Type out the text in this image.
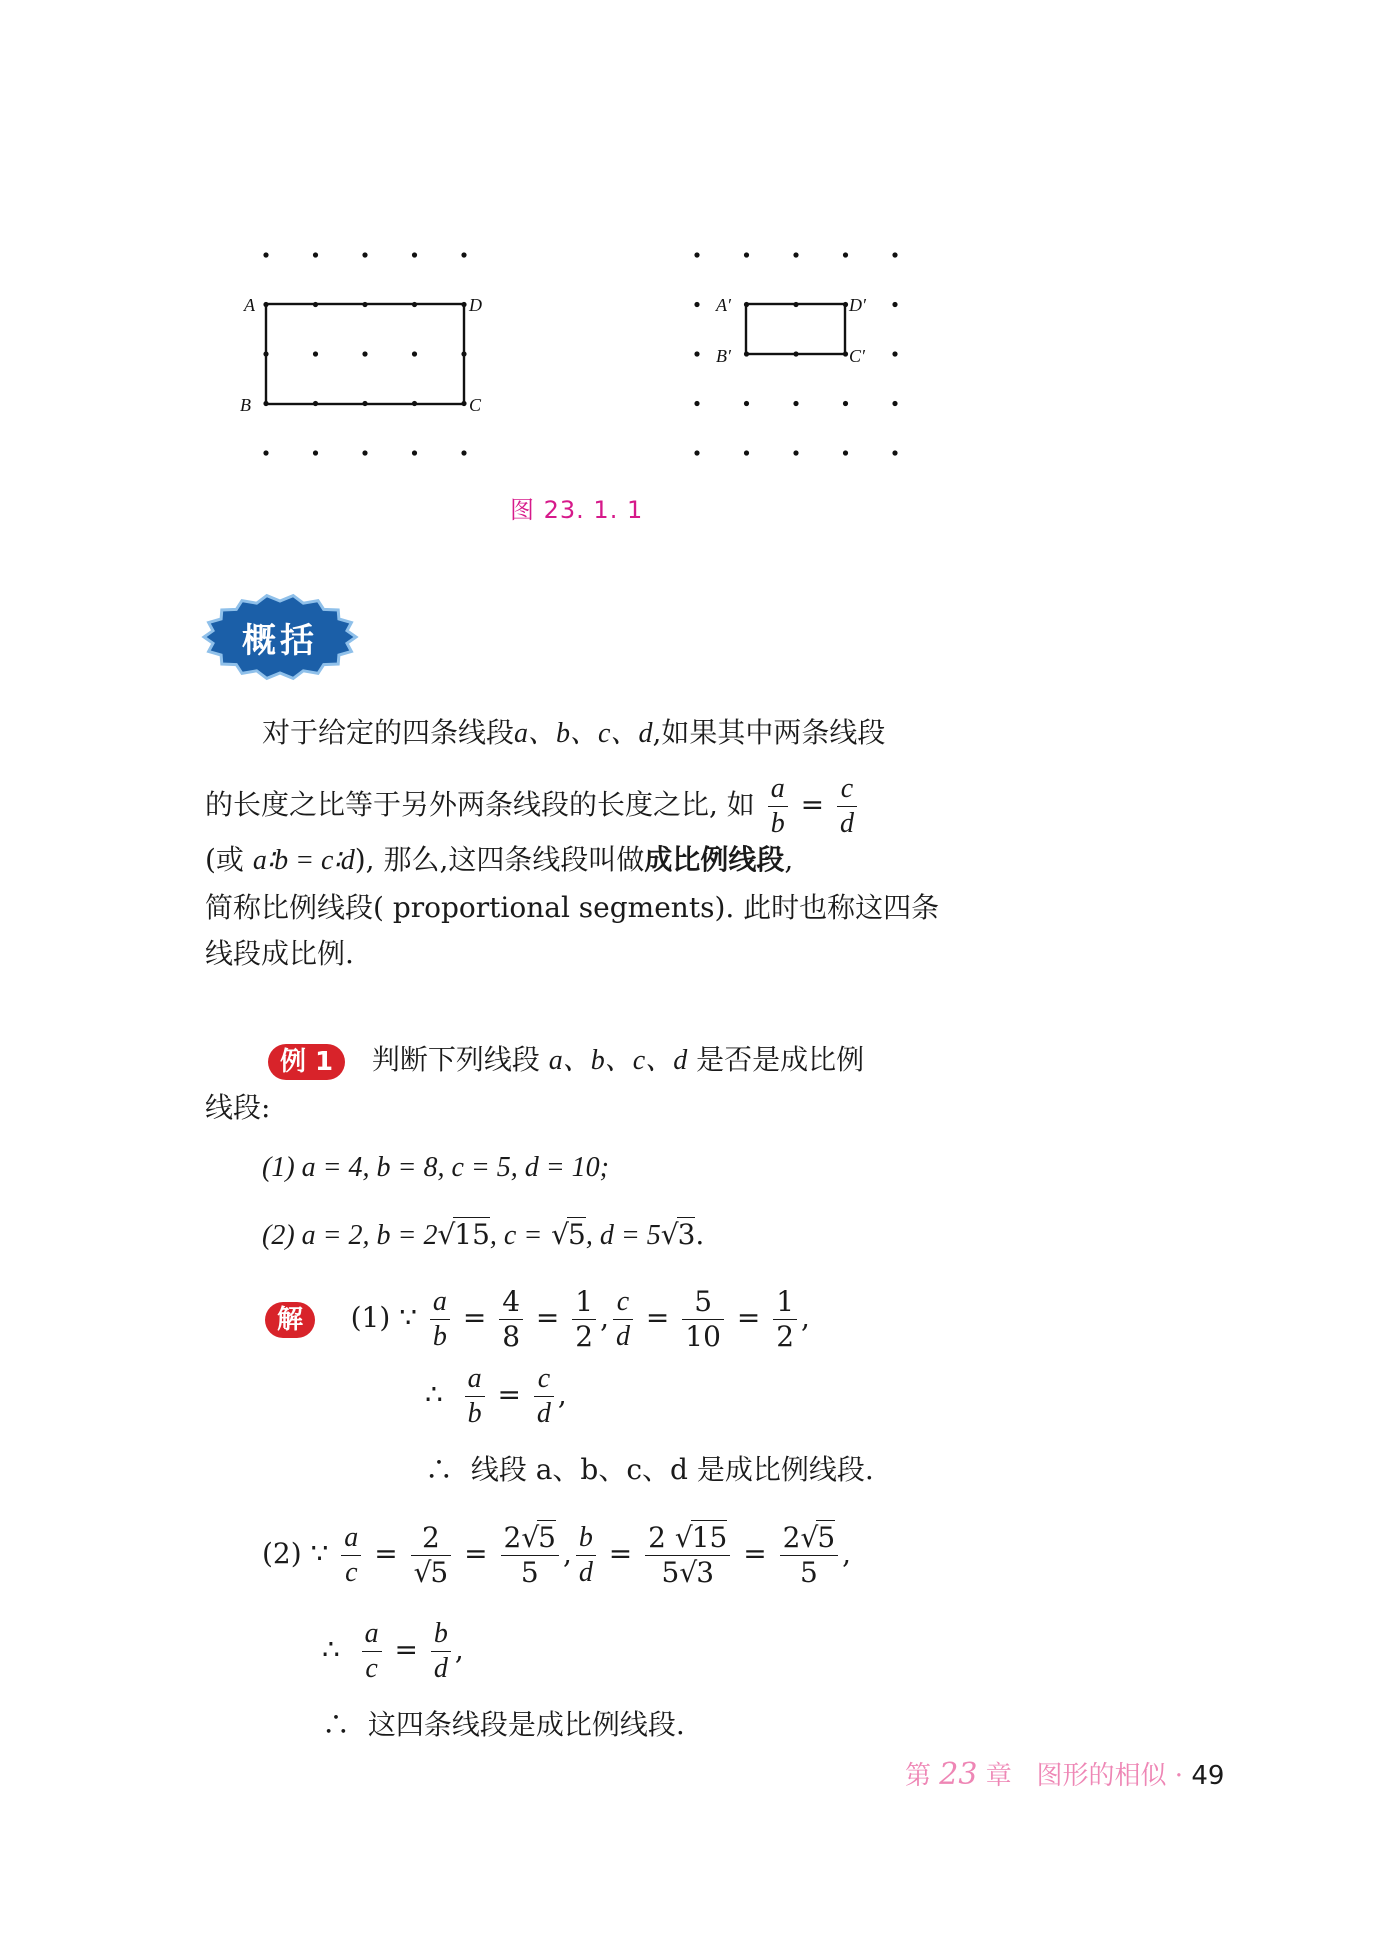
A	D
B	C
A′	D′
B′	C′
图 23. 1. 1
概括
对于给定的四条线段a、b、c、d,如果其中两条线段
的长度之比等于另外两条线段的长度之比, 如 $\frac{a}{b} = \frac{c}{d}$
(或 a∶b = c∶d), 那么,这四条线段叫做成比例线段,
简称比例线段( proportional segments). 此时也称这四条
线段成比例.
例 1 判断下列线段 a、b、c、d 是否是成比例
线段:
(1) a = 4, b = 8, c = 5, d = 10;
(2) a = 2, b = 2√15, c = √5, d = 5√3.
解 (1) ∵ $\frac{a}{b} = \frac{4}{8} = \frac{1}{2}$ , $\frac{c}{d} = \frac{5}{10} = \frac{1}{2}$ ,
∴ $\frac{a}{b} = \frac{c}{d}$ ,
∴ 线段 a、b、c、d 是成比例线段.
(2) ∵ $\frac{a}{c} = \frac{2}{√5} = \frac{2√5}{5}$ , $\frac{b}{d} = \frac{2 √15}{5√3} = \frac{2√5}{5}$ ,
∴ $\frac{a}{c} = \frac{b}{d}$ ,
∴ 这四条线段是成比例线段.
第 23 章 图形的相似 · 49
